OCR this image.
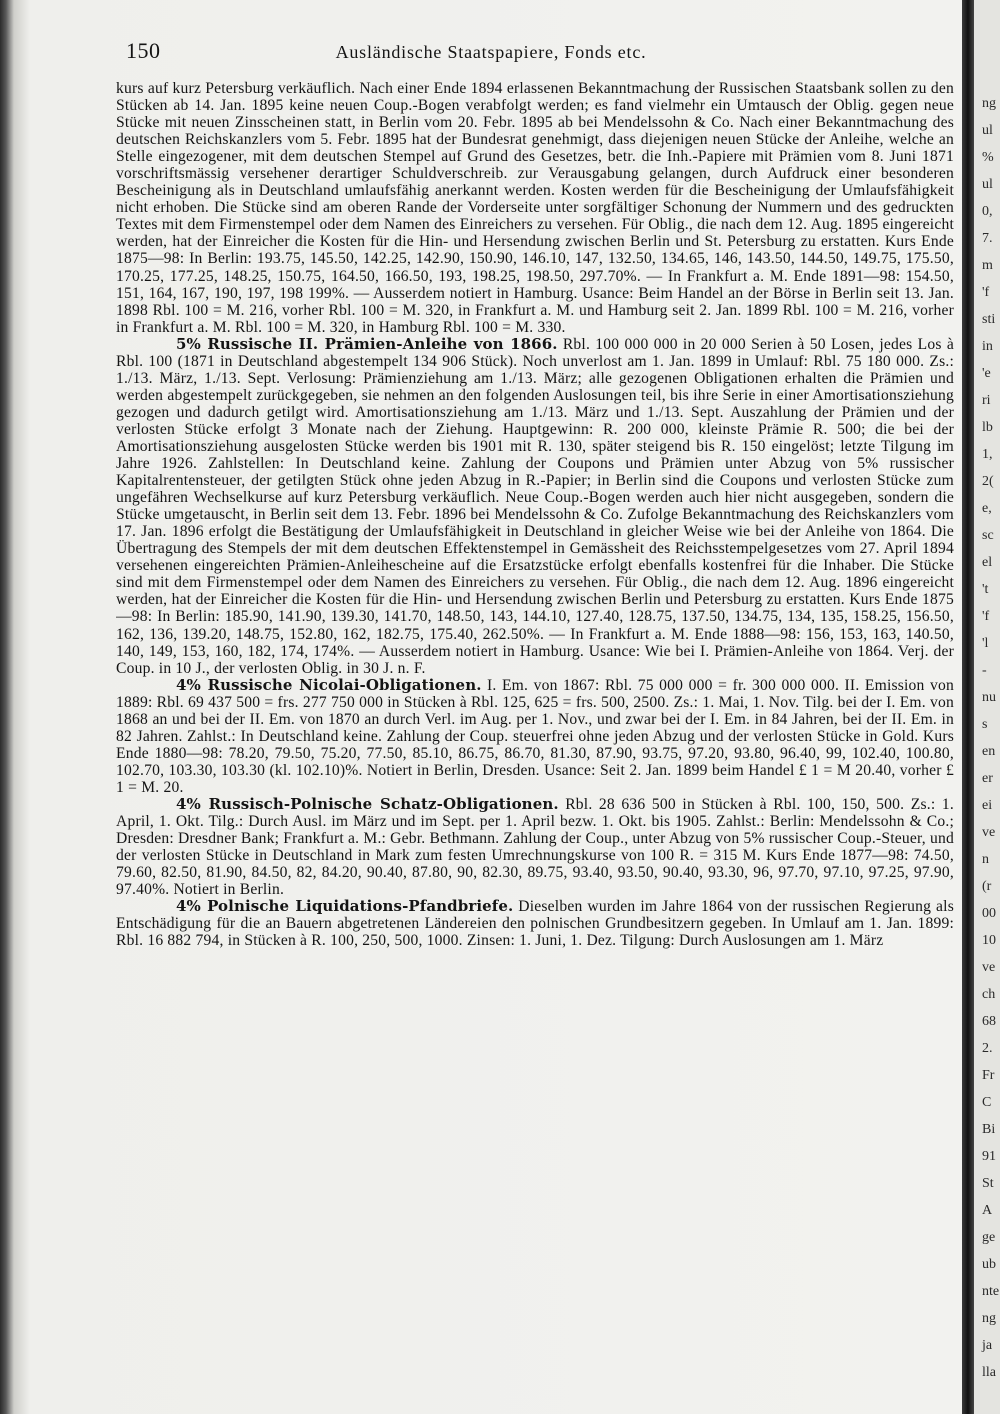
150	Ausländische Staatspapiere, Fonds etc.

kurs auf kurz Petersburg verkäuflich. Nach einer Ende 1894 erlassenen Bekanntmachung der Russischen Staatsbank sollen zu den Stücken ab 14. Jan. 1895 keine neuen Coup.-Bogen verabfolgt werden; es fand vielmehr ein Umtausch der Oblig. gegen neue Stücke mit neuen Zinsscheinen statt, in Berlin vom 20. Febr. 1895 ab bei Mendelssohn & Co. Nach einer Bekanntmachung des deutschen Reichskanzlers vom 5. Febr. 1895 hat der Bundesrat genehmigt, dass diejenigen neuen Stücke der Anleihe, welche an Stelle eingezogener, mit dem deutschen Stempel auf Grund des Gesetzes, betr. die Inh.-Papiere mit Prämien vom 8. Juni 1871 vorschriftsmässig versehener derartiger Schuldverschreib. zur Verausgabung gelangen, durch Aufdruck einer besonderen Bescheinigung als in Deutschland umlaufsfähig anerkannt werden. Kosten werden für die Bescheinigung der Umlaufsfähigkeit nicht erhoben. Die Stücke sind am oberen Rande der Vorderseite unter sorgfältiger Schonung der Nummern und des gedruckten Textes mit dem Firmenstempel oder dem Namen des Einreichers zu versehen. Für Oblig., die nach dem 12. Aug. 1895 eingereicht werden, hat der Einreicher die Kosten für die Hin- und Hersendung zwischen Berlin und St. Petersburg zu erstatten. Kurs Ende 1875—98: In Berlin: 193.75, 145.50, 142.25, 142.90, 150.90, 146.10, 147, 132.50, 134.65, 146, 143.50, 144.50, 149.75, 175.50, 170.25, 177.25, 148.25, 150.75, 164.50, 166.50, 193, 198.25, 198.50, 297.70%. — In Frankfurt a. M. Ende 1891—98: 154.50, 151, 164, 167, 190, 197, 198 199%. — Ausserdem notiert in Hamburg. Usance: Beim Handel an der Börse in Berlin seit 13. Jan. 1898 Rbl. 100 = M. 216, vorher Rbl. 100 = M. 320, in Frankfurt a. M. und Hamburg seit 2. Jan. 1899 Rbl. 100 = M. 216, vorher in Frankfurt a. M. Rbl. 100 = M. 320, in Hamburg Rbl. 100 = M. 330.

5% Russische II. Prämien-Anleihe von 1866. Rbl. 100 000 000 in 20 000 Serien à 50 Losen, jedes Los à Rbl. 100 (1871 in Deutschland abgestempelt 134 906 Stück). Noch unverlost am 1. Jan. 1899 in Umlauf: Rbl. 75 180 000. Zs.: 1./13. März, 1./13. Sept. Verlosung: Prämienziehung am 1./13. März; alle gezogenen Obligationen erhalten die Prämien und werden abgestempelt zurückgegeben, sie nehmen an den folgenden Auslosungen teil, bis ihre Serie in einer Amortisationsziehung gezogen und dadurch getilgt wird. Amortisationsziehung am 1./13. März und 1./13. Sept. Auszahlung der Prämien und der verlosten Stücke erfolgt 3 Monate nach der Ziehung. Hauptgewinn: R. 200 000, kleinste Prämie R. 500; die bei der Amortisationsziehung ausgelosten Stücke werden bis 1901 mit R. 130, später steigend bis R. 150 eingelöst; letzte Tilgung im Jahre 1926. Zahlstellen: In Deutschland keine. Zahlung der Coupons und Prämien unter Abzug von 5% russischer Kapitalrentensteuer, der getilgten Stück ohne jeden Abzug in R.-Papier; in Berlin sind die Coupons und verlosten Stücke zum ungefähren Wechselkurse auf kurz Petersburg verkäuflich. Neue Coup.-Bogen werden auch hier nicht ausgegeben, sondern die Stücke umgetauscht, in Berlin seit dem 13. Febr. 1896 bei Mendelssohn & Co. Zufolge Bekanntmachung des Reichskanzlers vom 17. Jan. 1896 erfolgt die Bestätigung der Umlaufsfähigkeit in Deutschland in gleicher Weise wie bei der Anleihe von 1864. Die Übertragung des Stempels der mit dem deutschen Effektenstempel in Gemässheit des Reichsstempelgesetzes vom 27. April 1894 versehenen eingereichten Prämien-Anleihescheine auf die Ersatzstücke erfolgt ebenfalls kostenfrei für die Inhaber. Die Stücke sind mit dem Firmenstempel oder dem Namen des Einreichers zu versehen. Für Oblig., die nach dem 12. Aug. 1896 eingereicht werden, hat der Einreicher die Kosten für die Hin- und Hersendung zwischen Berlin und Petersburg zu erstatten. Kurs Ende 1875—98: In Berlin: 185.90, 141.90, 139.30, 141.70, 148.50, 143, 144.10, 127.40, 128.75, 137.50, 134.75, 134, 135, 158.25, 156.50, 162, 136, 139.20, 148.75, 152.80, 162, 182.75, 175.40, 262.50%. — In Frankfurt a. M. Ende 1888—98: 156, 153, 163, 140.50, 140, 149, 153, 160, 182, 174, 174%. — Ausserdem notiert in Hamburg. Usance: Wie bei I. Prämien-Anleihe von 1864. Verj. der Coup. in 10 J., der verlosten Oblig. in 30 J. n. F.

4% Russische Nicolai-Obligationen. I. Em. von 1867: Rbl. 75 000 000 = fr. 300 000 000. II. Emission von 1889: Rbl. 69 437 500 = frs. 277 750 000 in Stücken à Rbl. 125, 625 = frs. 500, 2500. Zs.: 1. Mai, 1. Nov. Tilg. bei der I. Em. von 1868 an und bei der II. Em. von 1870 an durch Verl. im Aug. per 1. Nov., und zwar bei der I. Em. in 84 Jahren, bei der II. Em. in 82 Jahren. Zahlst.: In Deutschland keine. Zahlung der Coup. steuerfrei ohne jeden Abzug und der verlosten Stücke in Gold. Kurs Ende 1880—98: 78.20, 79.50, 75.20, 77.50, 85.10, 86.75, 86.70, 81.30, 87.90, 93.75, 97.20, 93.80, 96.40, 99, 102.40, 100.80, 102.70, 103.30, 103.30 (kl. 102.10)%. Notiert in Berlin, Dresden. Usance: Seit 2. Jan. 1899 beim Handel £ 1 = M 20.40, vorher £ 1 = M. 20.

4% Russisch-Polnische Schatz-Obligationen. Rbl. 28 636 500 in Stücken à Rbl. 100, 150, 500. Zs.: 1. April, 1. Okt. Tilg.: Durch Ausl. im März und im Sept. per 1. April bezw. 1. Okt. bis 1905. Zahlst.: Berlin: Mendelssohn & Co.; Dresden: Dresdner Bank; Frankfurt a. M.: Gebr. Bethmann. Zahlung der Coup., unter Abzug von 5% russischer Coup.-Steuer, und der verlosten Stücke in Deutschland in Mark zum festen Umrechnungskurse von 100 R. = 315 M. Kurs Ende 1877—98: 74.50, 79.60, 82.50, 81.90, 84.50, 82, 84.20, 90.40, 87.80, 90, 82.30, 89.75, 93.40, 93.50, 90.40, 93.30, 96, 97.70, 97.10, 97.25, 97.90, 97.40%. Notiert in Berlin.

4% Polnische Liquidations-Pfandbriefe. Dieselben wurden im Jahre 1864 von der russischen Regierung als Entschädigung für die an Bauern abgetretenen Ländereien den polnischen Grundbesitzern gegeben. In Umlauf am 1. Jan. 1899: Rbl. 16 882 794, in Stücken à R. 100, 250, 500, 1000. Zinsen: 1. Juni, 1. Dez. Tilgung: Durch Auslosungen am 1. März

ng
ul
%
ul
0,
7.
m
'f
sti
in
'e
ri
lb
1,
2(
e,
sc
el
't
'f
'l
-
nu
s
en
er
ei
ve
n
(r
00
10
ve
ch
68
2.
Fr
C
Bi
91
St
A
ge
ub
nte
ng
ja
lla
